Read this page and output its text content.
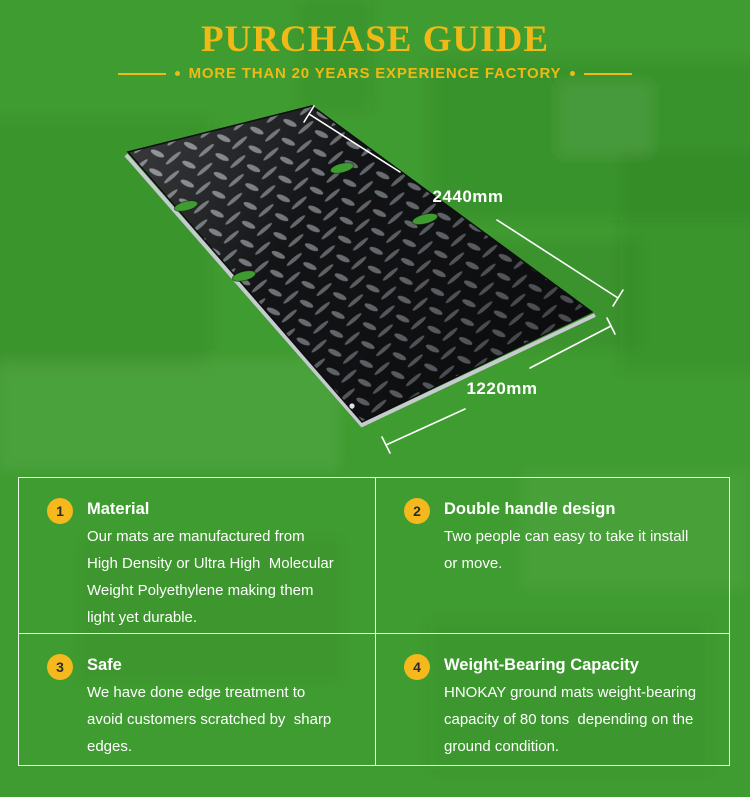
PURCHASE GUIDE
MORE THAN 20 YEARS EXPERIENCE FACTORY
2440mm
1220mm
1	Material
Our mats are manufactured from
High Density or Ultra High  Molecular
Weight Polyethylene making them
light yet durable.
2	Double handle design
Two people can easy to take it install
or move.
3	Safe
We have done edge treatment to
avoid customers scratched by  sharp
edges.
4	Weight-Bearing Capacity
HNOKAY ground mats weight-bearing
capacity of 80 tons  depending on the
ground condition.
